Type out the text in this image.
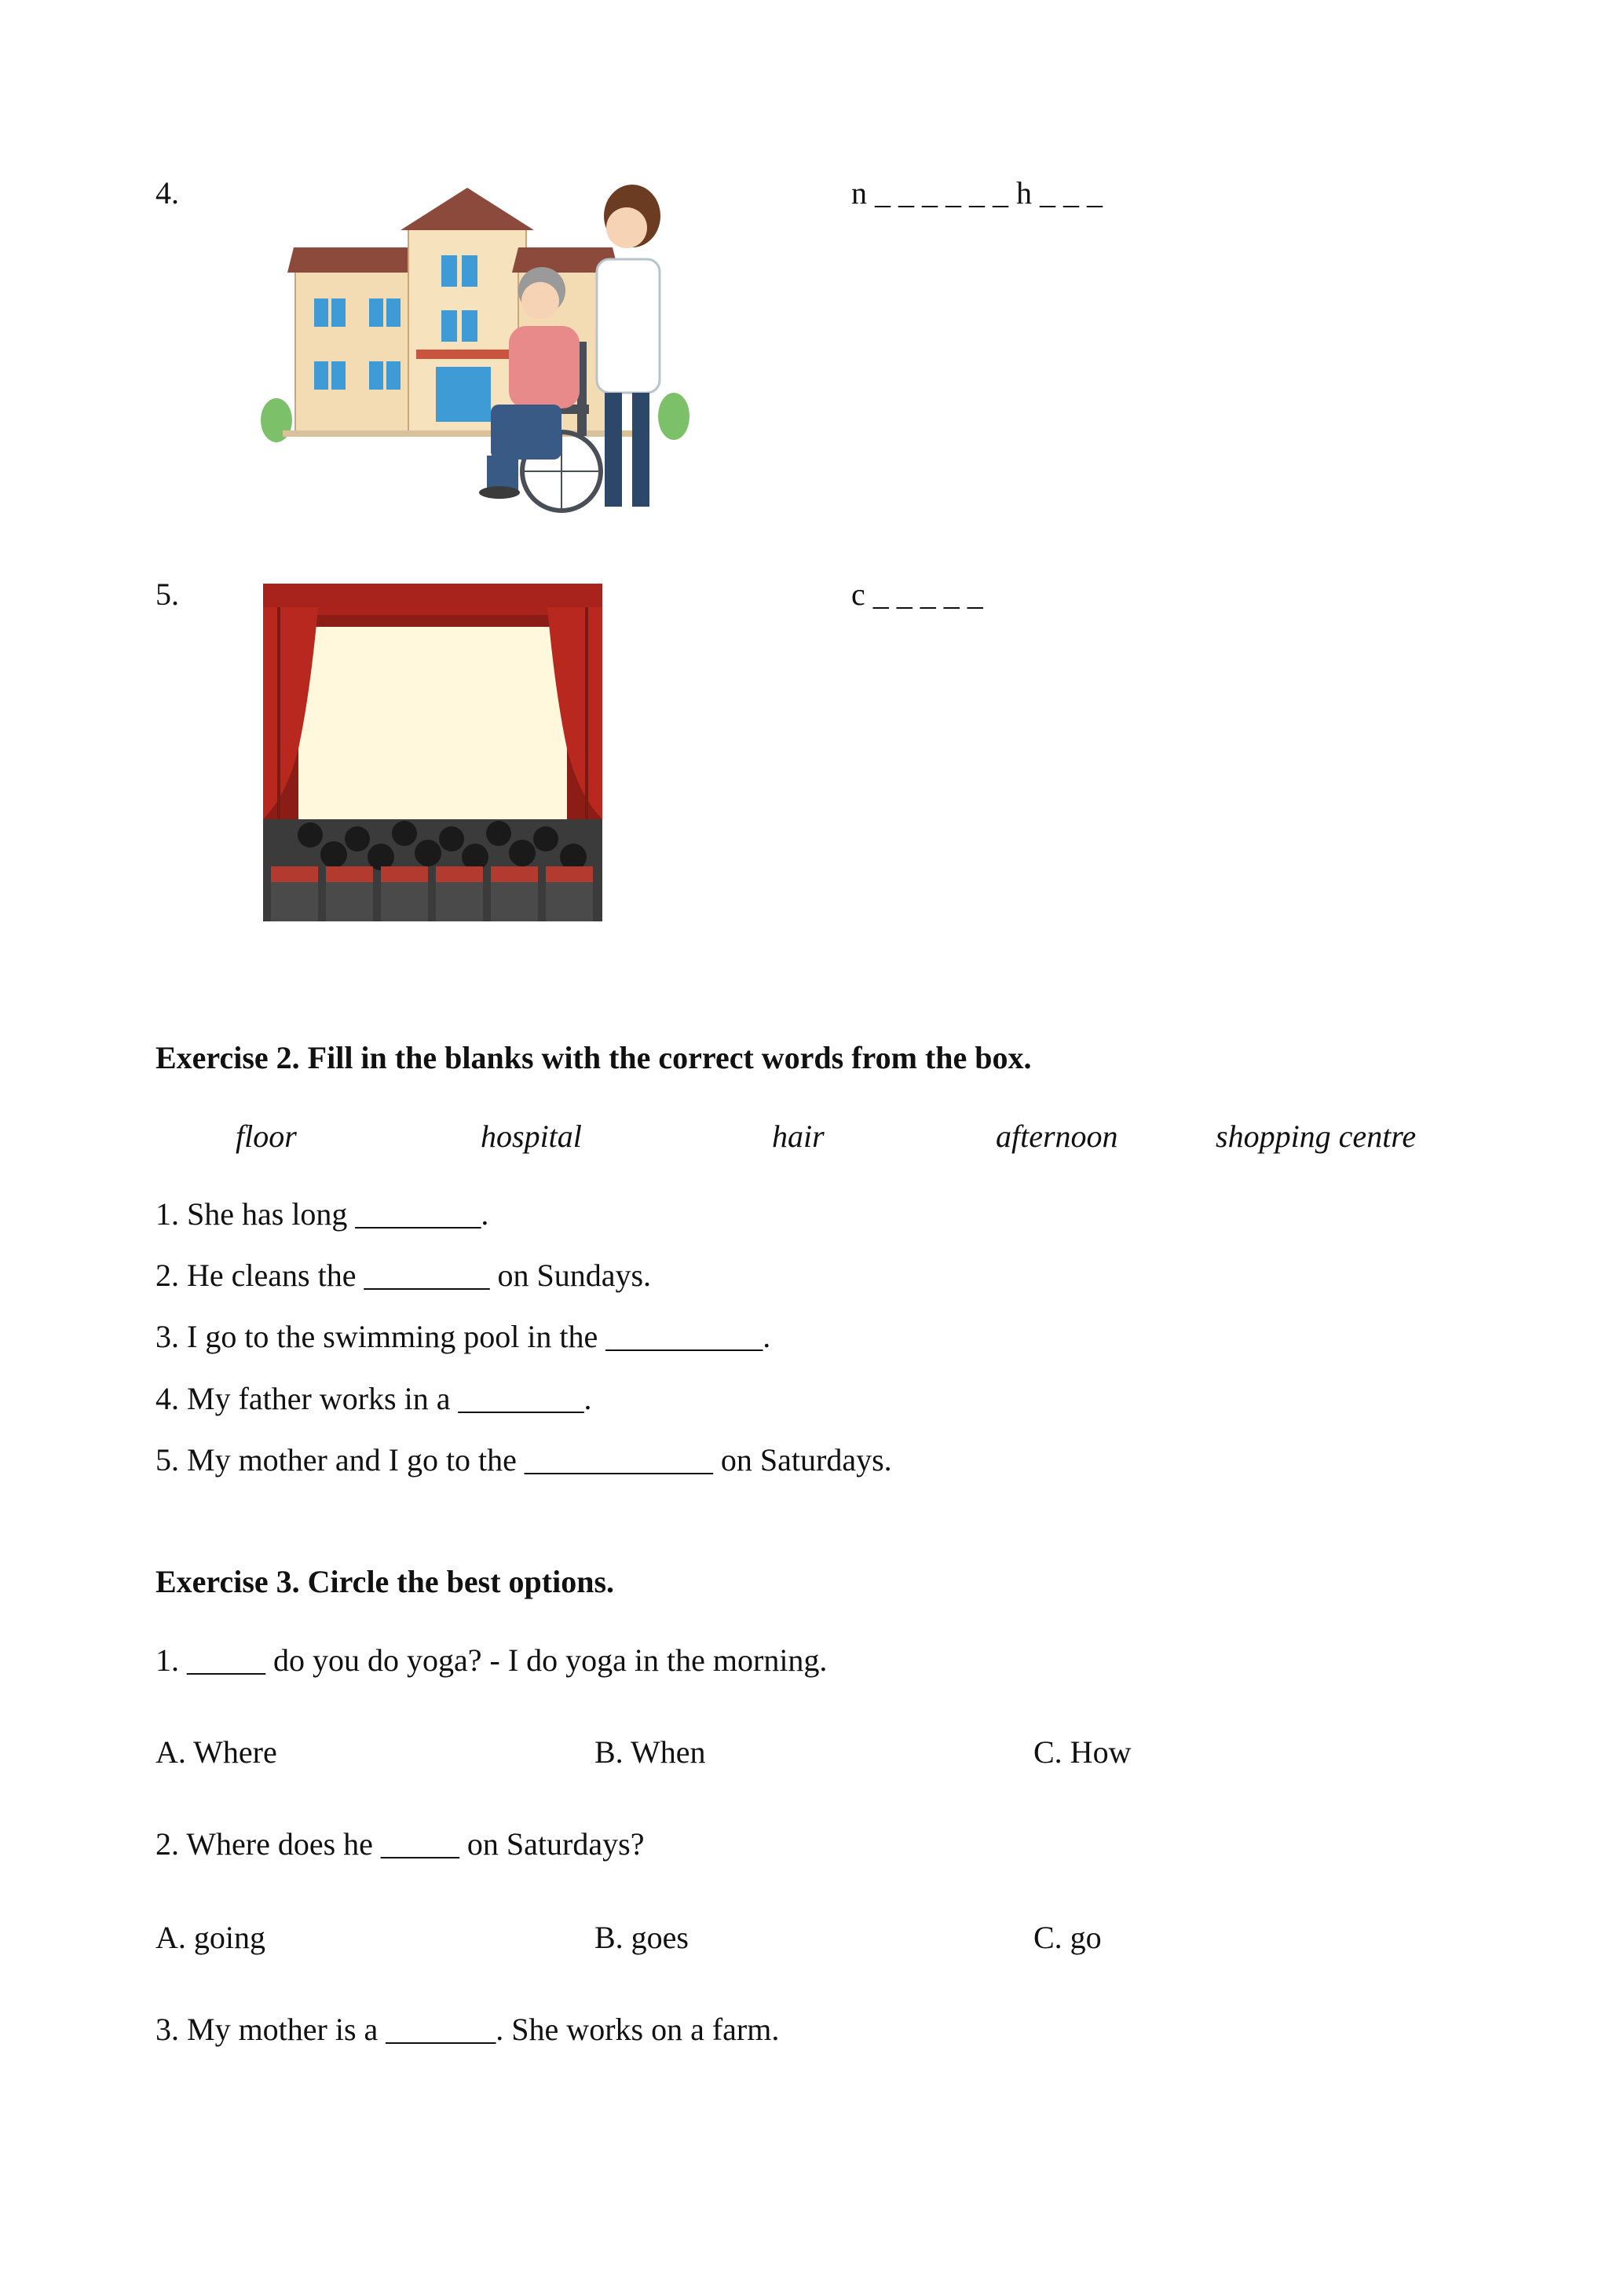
4.	n _ _ _ _ _ _ h _ _ _
5.	c _ _ _ _ _
Exercise 2. Fill in the blanks with the correct words from the box.
floor	hospital	hair	afternoon	shopping centre
1. She has long ________.
2. He cleans the ________ on Sundays.
3. I go to the swimming pool in the __________.
4. My father works in a ________.
5. My mother and I go to the ____________ on Saturdays.
Exercise 3. Circle the best options.
1. _____ do you do yoga? - I do yoga in the morning.
A. Where	B. When	C. How
2. Where does he _____ on Saturdays?
A. going	B. goes	C. go
3. My mother is a _______. She works on a farm.
